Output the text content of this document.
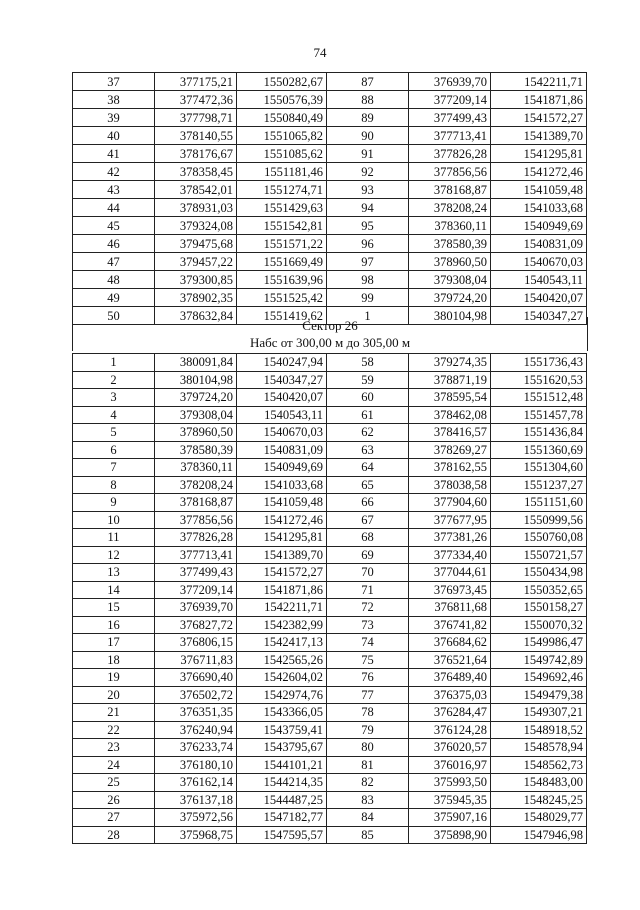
74
37	377175,21	1550282,67	87	376939,70	1542211,71
38	377472,36	1550576,39	88	377209,14	1541871,86
39	377798,71	1550840,49	89	377499,43	1541572,27
40	378140,55	1551065,82	90	377713,41	1541389,70
41	378176,67	1551085,62	91	377826,28	1541295,81
42	378358,45	1551181,46	92	377856,56	1541272,46
43	378542,01	1551274,71	93	378168,87	1541059,48
44	378931,03	1551429,63	94	378208,24	1541033,68
45	379324,08	1551542,81	95	378360,11	1540949,69
46	379475,68	1551571,22	96	378580,39	1540831,09
47	379457,22	1551669,49	97	378960,50	1540670,03
48	379300,85	1551639,96	98	379308,04	1540543,11
49	378902,35	1551525,42	99	379724,20	1540420,07
50	378632,84	1551419,62	1	380104,98	1540347,27
Сектор 26
Набс от 300,00 м до 305,00 м
1	380091,84	1540247,94	58	379274,35	1551736,43
2	380104,98	1540347,27	59	378871,19	1551620,53
3	379724,20	1540420,07	60	378595,54	1551512,48
4	379308,04	1540543,11	61	378462,08	1551457,78
5	378960,50	1540670,03	62	378416,57	1551436,84
6	378580,39	1540831,09	63	378269,27	1551360,69
7	378360,11	1540949,69	64	378162,55	1551304,60
8	378208,24	1541033,68	65	378038,58	1551237,27
9	378168,87	1541059,48	66	377904,60	1551151,60
10	377856,56	1541272,46	67	377677,95	1550999,56
11	377826,28	1541295,81	68	377381,26	1550760,08
12	377713,41	1541389,70	69	377334,40	1550721,57
13	377499,43	1541572,27	70	377044,61	1550434,98
14	377209,14	1541871,86	71	376973,45	1550352,65
15	376939,70	1542211,71	72	376811,68	1550158,27
16	376827,72	1542382,99	73	376741,82	1550070,32
17	376806,15	1542417,13	74	376684,62	1549986,47
18	376711,83	1542565,26	75	376521,64	1549742,89
19	376690,40	1542604,02	76	376489,40	1549692,46
20	376502,72	1542974,76	77	376375,03	1549479,38
21	376351,35	1543366,05	78	376284,47	1549307,21
22	376240,94	1543759,41	79	376124,28	1548918,52
23	376233,74	1543795,67	80	376020,57	1548578,94
24	376180,10	1544101,21	81	376016,97	1548562,73
25	376162,14	1544214,35	82	375993,50	1548483,00
26	376137,18	1544487,25	83	375945,35	1548245,25
27	375972,56	1547182,77	84	375907,16	1548029,77
28	375968,75	1547595,57	85	375898,90	1547946,98
